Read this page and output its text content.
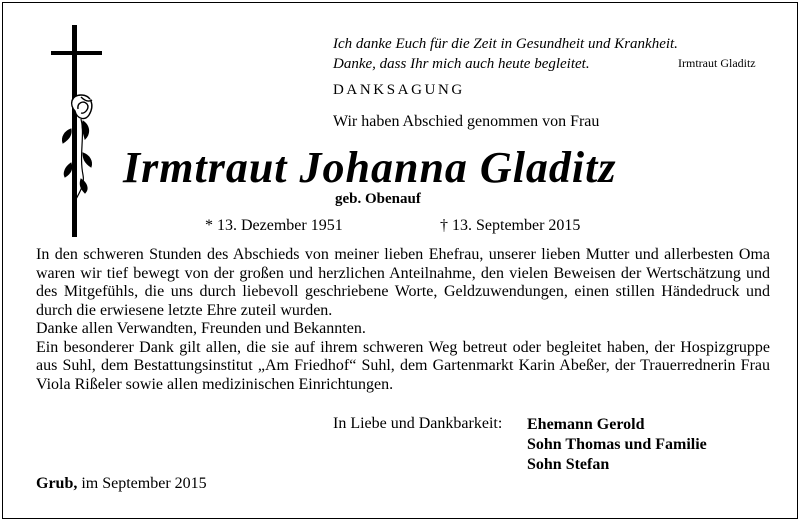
Ich danke Euch für die Zeit in Gesundheit und Krankheit.
Danke, dass Ihr mich auch heute begleitet.	Irmtraut Gladitz
DANKSAGUNG
Wir haben Abschied genommen von Frau
Irmtraut Johanna Gladitz
geb. Obenauf
* 13. Dezember 1951	† 13. September 2015

In den schweren Stunden des Abschieds von meiner lieben Ehefrau, unserer lieben Mutter und allerbesten Oma waren wir tief bewegt von der großen und herzlichen Anteilnahme, den vielen Beweisen der Wertschätzung und des Mitgefühls, die uns durch liebevoll geschriebene Worte, Geldzuwendungen, einen stillen Händedruck und durch die erwiesene letzte Ehre zuteil wurden.

Danke allen Verwandten, Freunden und Bekannten.

Ein besonderer Dank gilt allen, die sie auf ihrem schweren Weg betreut oder begleitet haben, der Hospizgruppe aus Suhl, dem Bestattungsinstitut „Am Friedhof“ Suhl, dem Gartenmarkt Karin Abeßer, der Trauerrednerin Frau Viola Rißeler sowie allen medizinischen Einrichtungen.

In Liebe und Dankbarkeit: Ehemann Gerold
Sohn Thomas und Familie
Sohn Stefan
Grub, im September 2015
